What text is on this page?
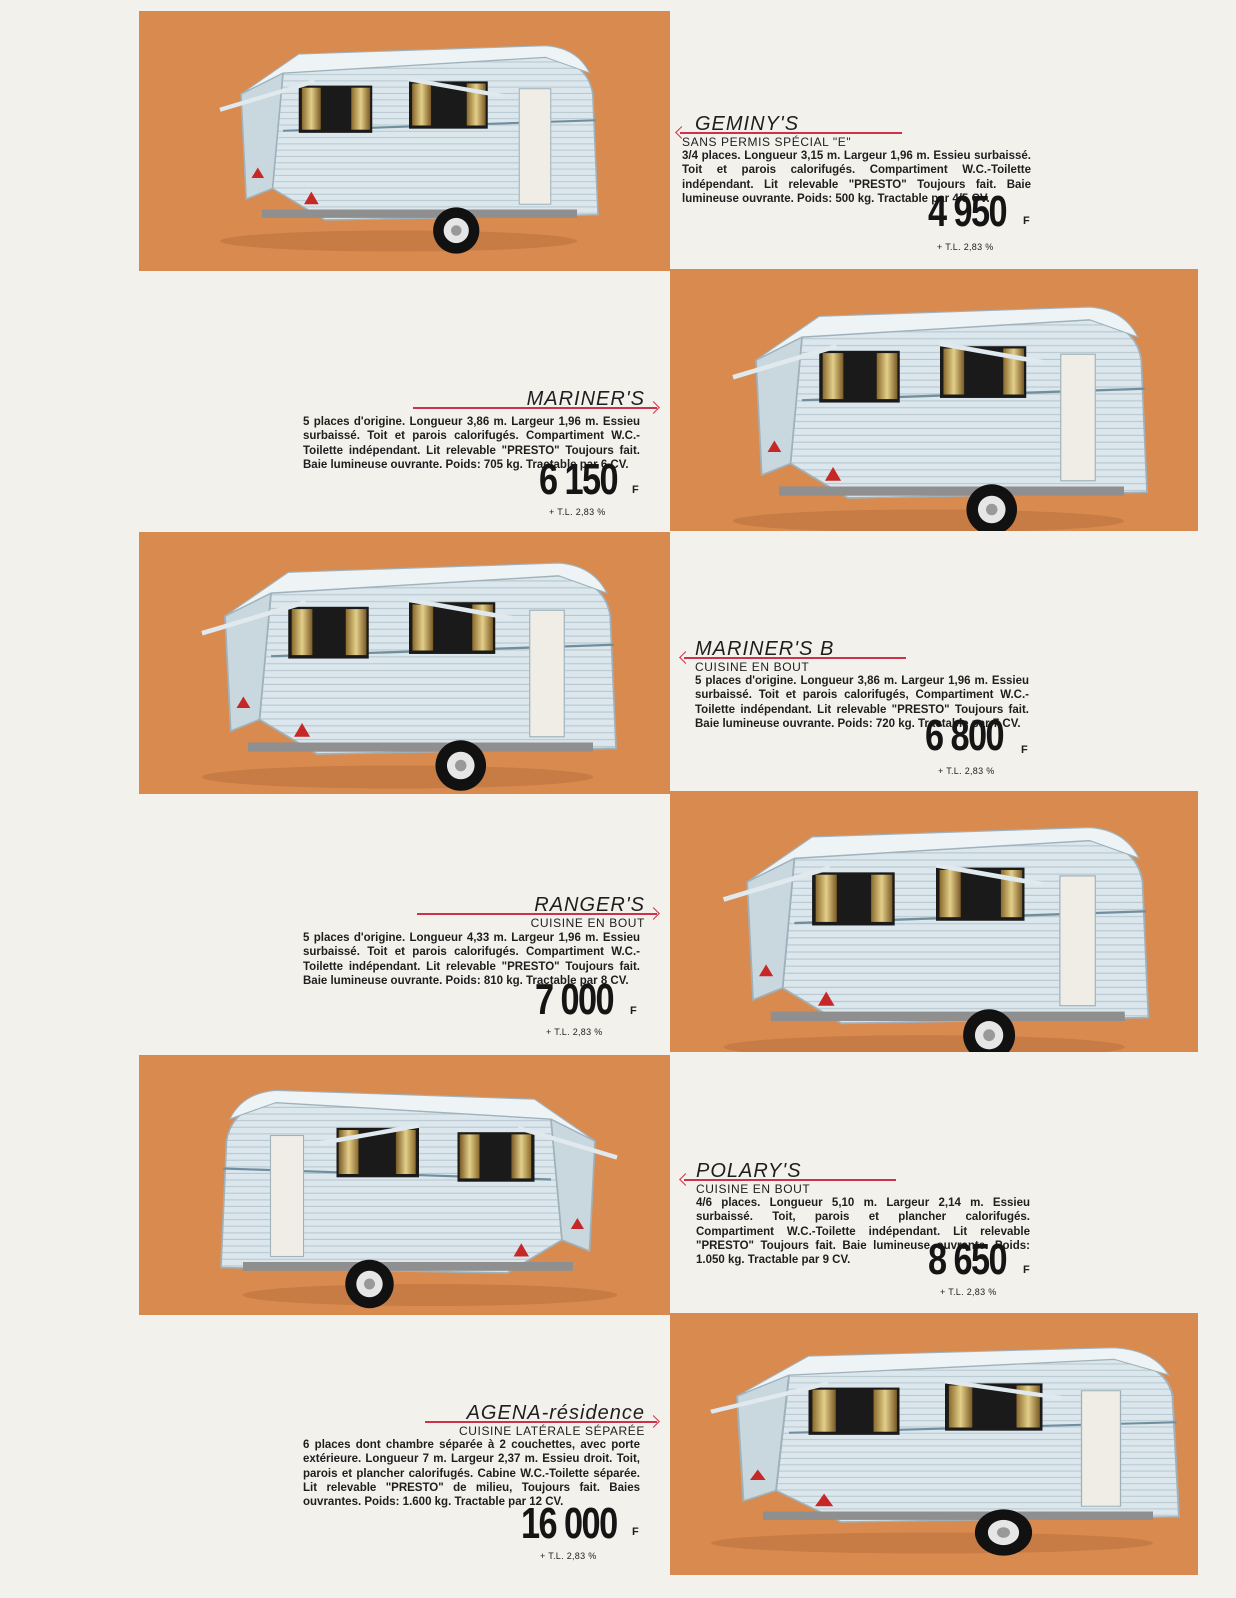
GEMINY'S
SANS PERMIS SPÉCIAL "E"
3/4 places. Longueur 3,15 m. Largeur 1,96 m. Essieu surbaissé. Toit et parois calorifugés. Compartiment W.C.-Toilette indépendant. Lit relevable "PRESTO" Toujours fait. Baie lumineuse ouvrante. Poids: 500 kg. Tractable par 4/5 CV.
4 950 F
+ T.L. 2,83 %
MARINER'S
5 places d'origine. Longueur 3,86 m. Largeur 1,96 m. Essieu surbaissé. Toit et parois calorifugés. Compartiment W.C.-Toilette indépendant. Lit relevable "PRESTO" Toujours fait. Baie lumineuse ouvrante. Poids: 705 kg. Tractable par 6 CV.
6 150 F
+ T.L. 2,83 %
MARINER'S B
CUISINE EN BOUT
5 places d'origine. Longueur 3,86 m. Largeur 1,96 m. Essieu surbaissé. Toit et parois calorifugés, Compartiment W.C.-Toilette indépendant. Lit relevable "PRESTO" Toujours fait. Baie lumineuse ouvrante. Poids: 720 kg. Tractable par 7 CV.
6 800 F
+ T.L. 2,83 %
RANGER'S
CUISINE EN BOUT
5 places d'origine. Longueur 4,33 m. Largeur 1,96 m. Essieu surbaissé. Toit et parois calorifugés. Compartiment W.C.-Toilette indépendant. Lit relevable "PRESTO" Toujours fait. Baie lumineuse ouvrante. Poids: 810 kg. Tractable par 8 CV.
7 000 F
+ T.L. 2,83 %
POLARY'S
CUISINE EN BOUT
4/6 places. Longueur 5,10 m. Largeur 2,14 m. Essieu surbaissé. Toit, parois et plancher calorifugés. Compartiment W.C.-Toilette indépendant. Lit relevable "PRESTO" Toujours fait. Baie lumineuse ouvrante. Poids: 1.050 kg. Tractable par 9 CV.	8 650 F
+ T.L. 2,83 %
AGENA-résidence
CUISINE LATÉRALE SÉPARÉE
6 places dont chambre séparée à 2 couchettes, avec porte extérieure. Longueur 7 m. Largeur 2,37 m. Essieu droit. Toit, parois et plancher calorifugés. Cabine W.C.-Toilette séparée. Lit relevable "PRESTO" de milieu, Toujours fait. Baies ouvrantes. Poids: 1.600 kg. Tractable par 12 CV.
16 000 F
+ T.L. 2,83 %
